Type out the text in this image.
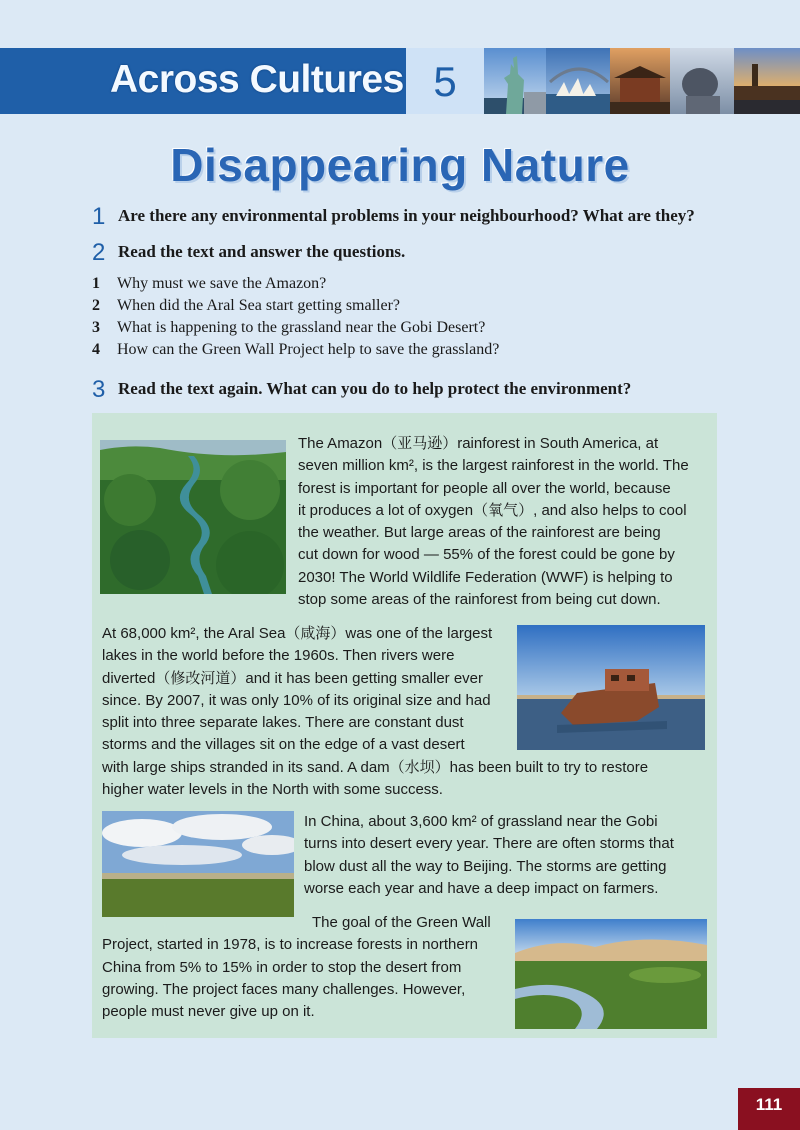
Across Cultures 5
Disappearing Nature
1 Are there any environmental problems in your neighbourhood? What are they?
2 Read the text and answer the questions.
1 Why must we save the Amazon?
2 When did the Aral Sea start getting smaller?
3 What is happening to the grassland near the Gobi Desert?
4 How can the Green Wall Project help to save the grassland?
3 Read the text again. What can you do to help protect the environment?
The Amazon（亚马逊）rainforest in South America, at
seven million km², is the largest rainforest in the world. The
forest is important for people all over the world, because
it produces a lot of oxygen（氧气）, and also helps to cool
the weather. But large areas of the rainforest are being
cut down for wood — 55% of the forest could be gone by
2030! The World Wildlife Federation (WWF) is helping to
stop some areas of the rainforest from being cut down.
At 68,000 km², the Aral Sea（咸海）was one of the largest
lakes in the world before the 1960s. Then rivers were
diverted（修改河道）and it has been getting smaller ever
since. By 2007, it was only 10% of its original size and had
split into three separate lakes. There are constant dust
storms and the villages sit on the edge of a vast desert
with large ships stranded in its sand. A dam（水坝）has been built to try to restore
higher water levels in the North with some success.
In China, about 3,600 km² of grassland near the Gobi
turns into desert every year. There are often storms that
blow dust all the way to Beijing. The storms are getting
worse each year and have a deep impact on farmers.
The goal of the Green Wall
Project, started in 1978, is to increase forests in northern
China from 5% to 15% in order to stop the desert from
growing. The project faces many challenges. However,
people must never give up on it.
111
